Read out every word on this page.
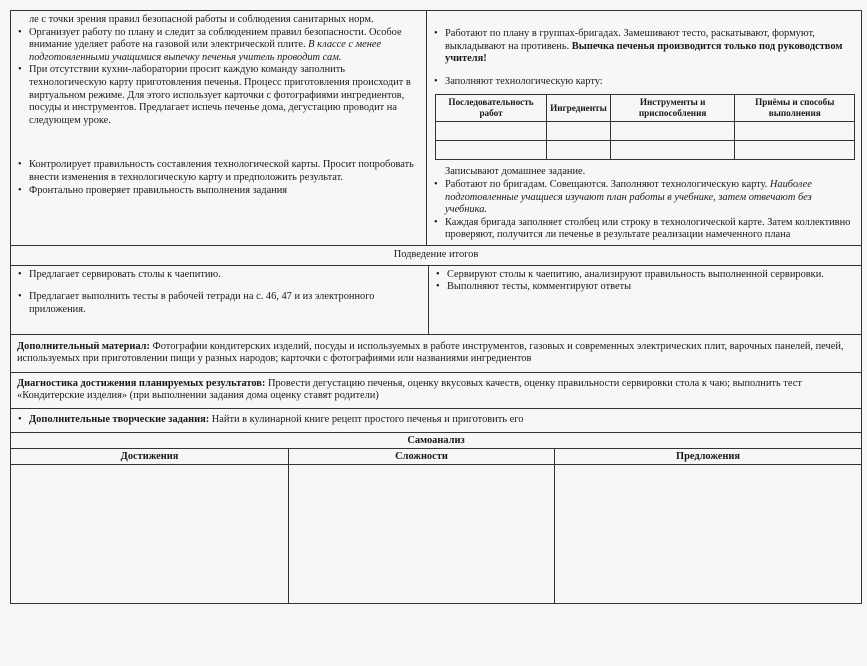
ле с точки зрения правил безопасной работы и соблюдения санитарных норм.

• Организует работу по плану и следит за соблюдением правил безопасности. Особое внимание уделяет работе на газовой или электрической плите. В классе с менее подготовленными учащимися выпечку печенья учитель проводит сам.
• При отсутствии кухни-лаборатории просит каждую команду заполнить технологическую карту приготовления печенья. Процесс приготовления происходит в виртуальном режиме. Для этого использует карточки с фотографиями ингредиентов, посуды и инструментов. Предлагает испечь печенье дома, дегустацию проводит на следующем уроке.
• Контролирует правильность составления технологической карты. Просит попробовать внести изменения в технологическую карту и предположить результат.
• Фронтально проверяет правильность выполнения задания
• Работают по плану в группах-бригадах. Замешивают тесто, раскатывают, формуют, выкладывают на противень. Выпечка печенья производится только под руководством учителя!
• Заполняют технологическую карту:
Последовательность работ	Ингредиенты	Инструменты и приспособления	Приёмы и способы выполнения

Записывают домашнее задание.

• Работают по бригадам. Совещаются. Заполняют технологическую карту. Наиболее подготовленные учащиеся изучают план работы в учебнике, затем отвечают без учебника.
• Каждая бригада заполняет столбец или строку в технологической карте. Затем коллективно проверяют, получится ли печенье в результате реализации намеченного плана
Подведение итогов
• Предлагает сервировать столы к чаепитию.
• Предлагает выполнить тесты в рабочей тетради на с. 46, 47 и из электронного приложения.
• Сервируют столы к чаепитию, анализируют правильность выполненной сервировки.
• Выполняют тесты, комментируют ответы
Дополнительный материал: Фотографии кондитерских изделий, посуды и используемых в работе инструментов, газовых и современных электрических плит, варочных панелей, печей, используемых при приготовлении пищи у разных народов; карточки с фотографиями или названиями ингредиентов
Диагностика достижения планируемых результатов: Провести дегустацию печенья, оценку вкусовых качеств, оценку правильности сервировки стола к чаю; выполнить тест «Кондитерские изделия» (при выполнении задания дома оценку ставят родители)
• Дополнительные творческие задания: Найти в кулинарной книге рецепт простого печенья и приготовить его
Самоанализ
Достижения	Сложности	Предложения
